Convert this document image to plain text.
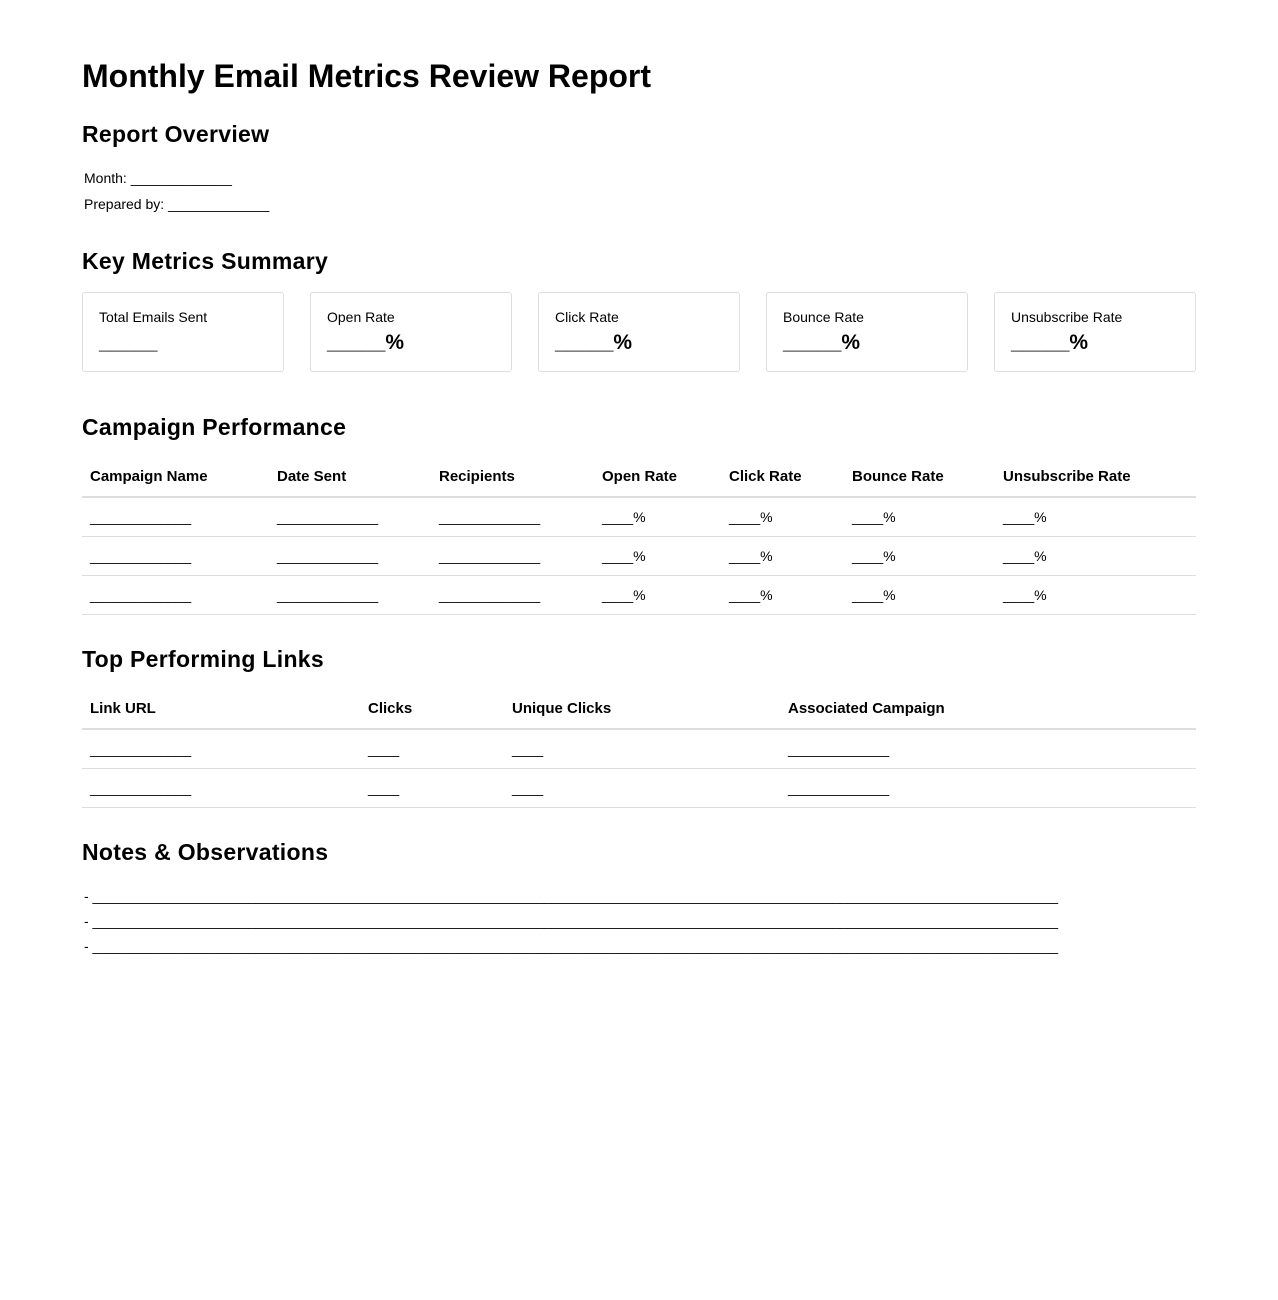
Monthly Email Metrics Review Report
Report Overview
Month: _____________
Prepared by: _____________
Key Metrics Summary
Total Emails Sent
_____
Open Rate
_____%
Click Rate
_____%
Bounce Rate
_____%
Unsubscribe Rate
_____%
Campaign Performance
Campaign Name	Date Sent	Recipients	Open Rate	Click Rate	Bounce Rate	Unsubscribe Rate
_____________	_____________	_____________	____%	____%	____%	____%
_____________	_____________	_____________	____%	____%	____%	____%
_____________	_____________	_____________	____%	____%	____%	____%
Top Performing Links
Link URL	Clicks	Unique Clicks	Associated Campaign
_____________	____	____	_____________
_____________	____	____	_____________
Notes & Observations
- ____________________________________________________________________________________________________________________________
- ____________________________________________________________________________________________________________________________
- ____________________________________________________________________________________________________________________________
